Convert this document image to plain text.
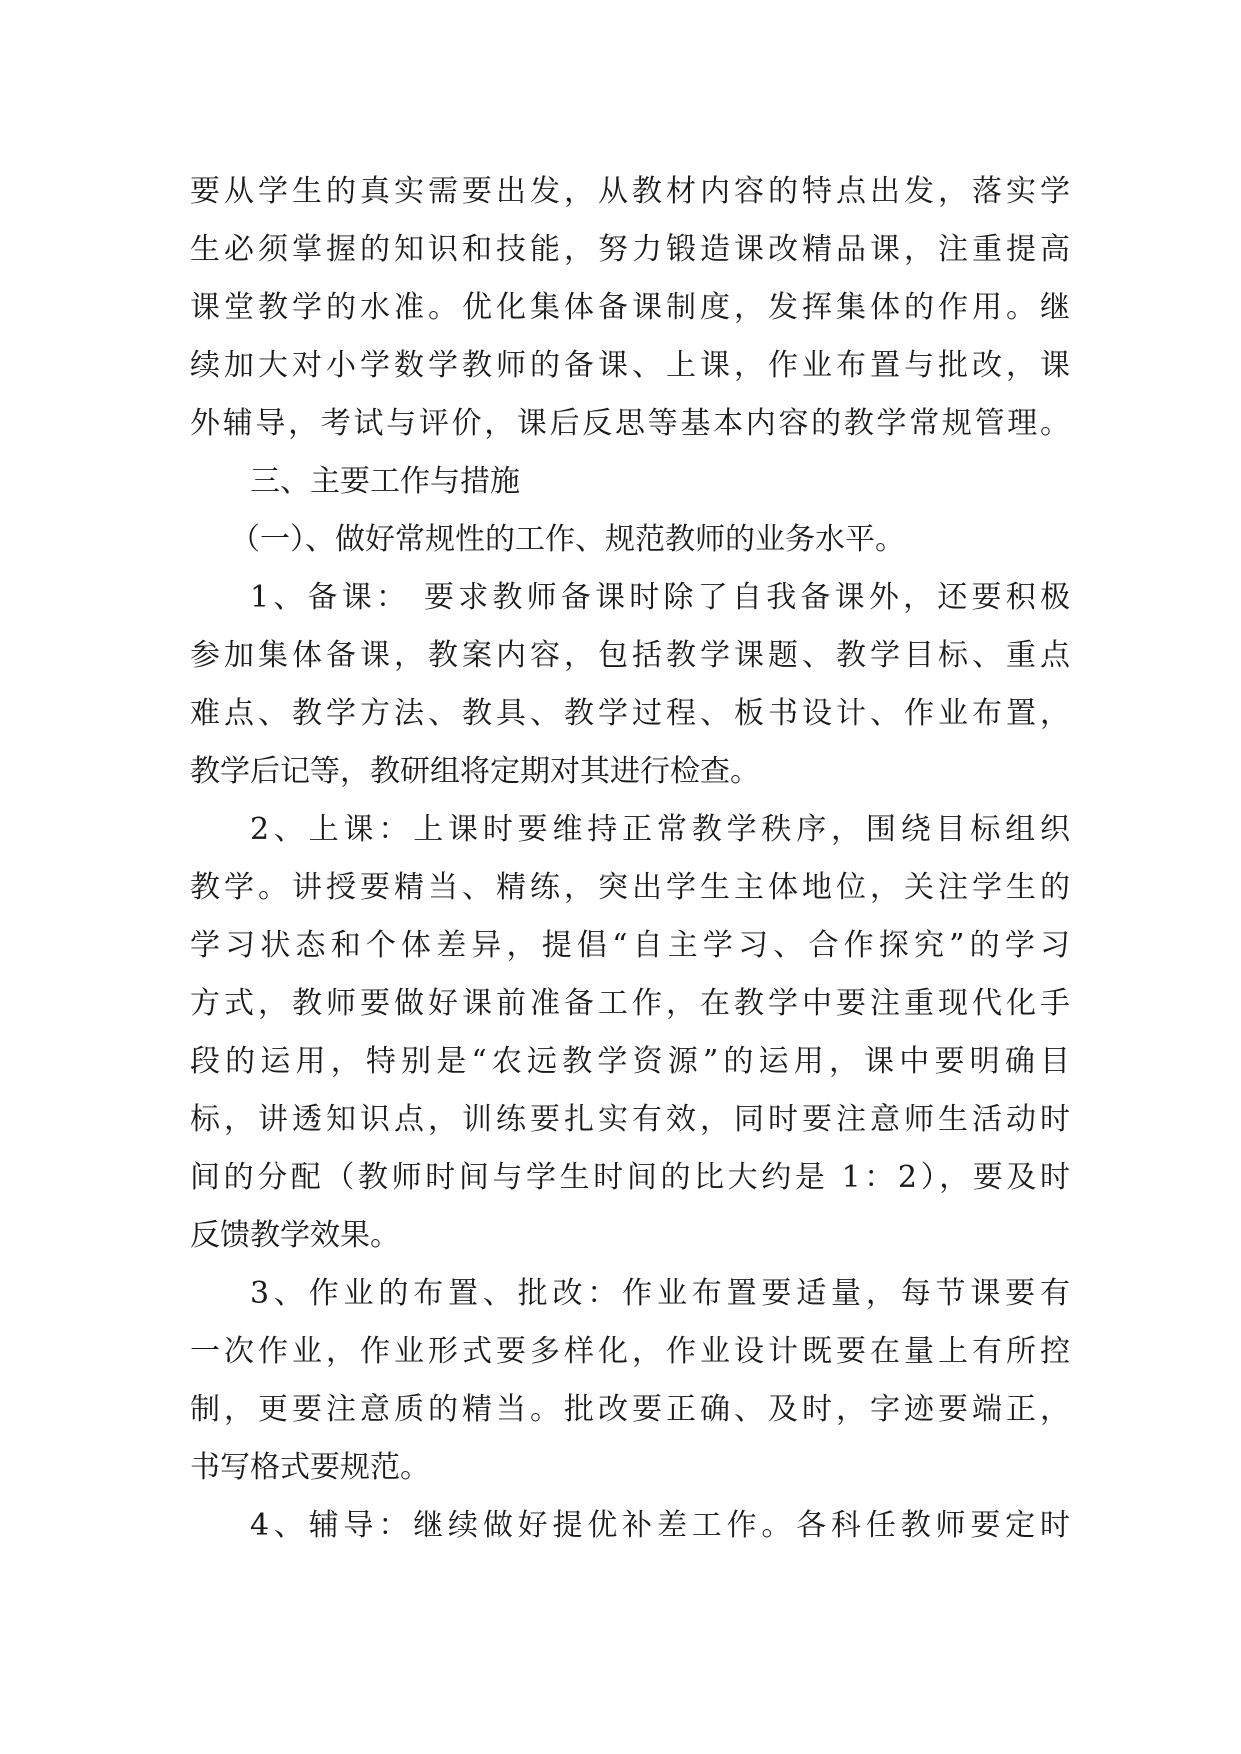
要从学生的真实需要出发，从教材内容的特点出发，落实学
生必须掌握的知识和技能，努力锻造课改精品课，注重提高
课堂教学的水准。优化集体备课制度，发挥集体的作用。继
续加大对小学数学教师的备课、上课，作业布置与批改，课
外辅导，考试与评价，课后反思等基本内容的教学常规管理。
三、主要工作与措施
（一）、做好常规性的工作、规范教师的业务水平。
1、备课： 要求教师备课时除了自我备课外，还要积极
参加集体备课，教案内容，包括教学课题、教学目标、重点
难点、教学方法、教具、教学过程、板书设计、作业布置，
教学后记等，教研组将定期对其进行检查。
2、上课：上课时要维持正常教学秩序，围绕目标组织
教学。讲授要精当、精练，突出学生主体地位，关注学生的
学习状态和个体差异，提倡“自主学习、合作探究”的学习
方式，教师要做好课前准备工作，在教学中要注重现代化手
段的运用，特别是“农远教学资源”的运用，课中要明确目
标，讲透知识点，训练要扎实有效，同时要注意师生活动时
间的分配（教师时间与学生时间的比大约是 1：2），要及时
反馈教学效果。
3、作业的布置、批改：作业布置要适量，每节课要有
一次作业，作业形式要多样化，作业设计既要在量上有所控
制，更要注意质的精当。批改要正确、及时，字迹要端正，
书写格式要规范。
4、辅导：继续做好提优补差工作。各科任教师要定时
